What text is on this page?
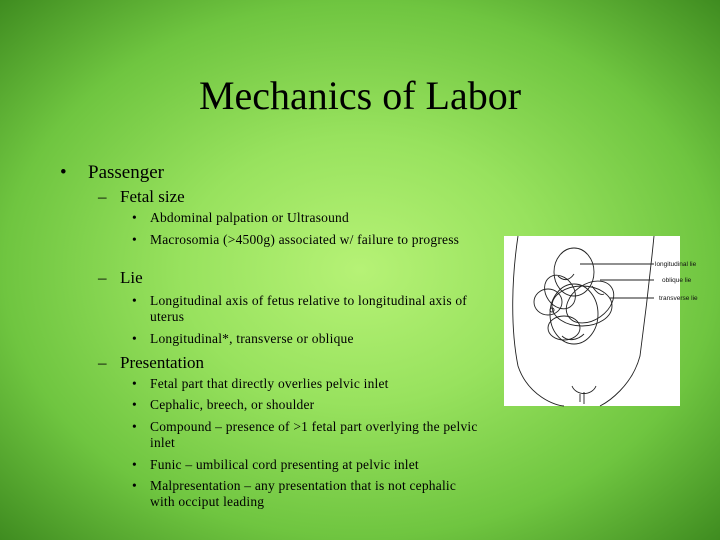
Mechanics of Labor
•	Passenger
– Fetal size
• Abdominal palpation or Ultrasound
• Macrosomia (>4500g) associated w/ failure to progress
– Lie
• Longitudinal axis of fetus relative to longitudinal axis of uterus
• Longitudinal*, transverse or oblique
– Presentation
• Fetal part that directly overlies pelvic inlet
• Cephalic, breech, or shoulder
• Compound – presence of >1 fetal part overlying the pelvic inlet
• Funic – umbilical cord presenting at pelvic inlet
• Malpresentation – any presentation that is not cephalic with occiput leading
longitudinal lie
oblique lie
transverse lie
